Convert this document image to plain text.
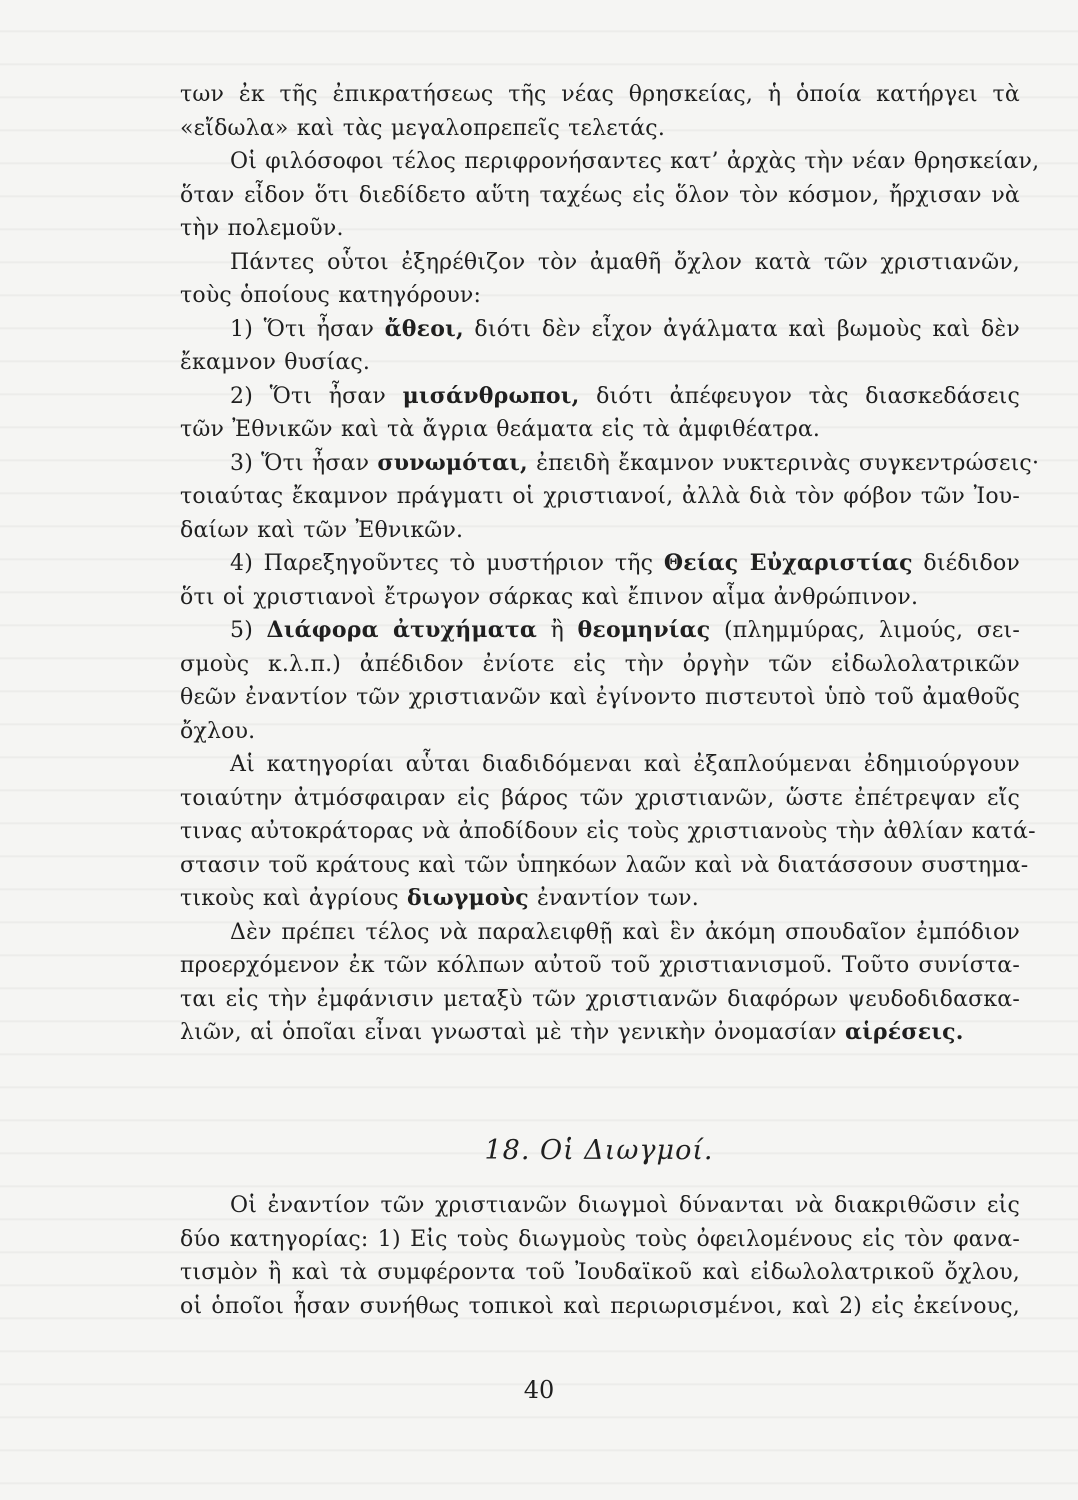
των ἐκ τῆς ἐπικρατήσεως τῆς νέας θρησκείας, ἡ ὁποία κατήργει τὰ
«εἴδωλα» καὶ τὰς μεγαλοπρεπεῖς τελετάς.
Οἱ φιλόσοφοι τέλος περιφρονήσαντες κατ’ ἀρχὰς τὴν νέαν θρησκείαν,
ὅταν εἶδον ὅτι διεδίδετο αὕτη ταχέως εἰς ὅλον τὸν κόσμον, ἤρχισαν νὰ
τὴν πολεμοῦν.
Πάντες οὗτοι ἐξηρέθιζον τὸν ἀμαθῆ ὄχλον κατὰ τῶν χριστιανῶν,
τοὺς ὁποίους κατηγόρουν:
1) Ὅτι ἦσαν ἄθεοι, διότι δὲν εἶχον ἀγάλματα καὶ βωμοὺς καὶ δὲν
ἔκαμνον θυσίας.
2) Ὅτι ἦσαν μισάνθρωποι, διότι ἀπέφευγον τὰς διασκεδάσεις
τῶν Ἐθνικῶν καὶ τὰ ἄγρια θεάματα εἰς τὰ ἀμφιθέατρα.
3) Ὅτι ἦσαν συνωμόται, ἐπειδὴ ἔκαμνον νυκτερινὰς συγκεντρώσεις·
τοιαύτας ἔκαμνον πράγματι οἱ χριστιανοί, ἀλλὰ διὰ τὸν φόβον τῶν Ἰου-
δαίων καὶ τῶν Ἐθνικῶν.
4) Παρεξηγοῦντες τὸ μυστήριον τῆς Θείας Εὐχαριστίας διέδιδον
ὅτι οἱ χριστιανοὶ ἔτρωγον σάρκας καὶ ἔπινον αἷμα ἀνθρώπινον.
5) Διάφορα ἀτυχήματα ἢ θεομηνίας (πλημμύρας, λιμούς, σει-
σμοὺς κ.λ.π.) ἀπέδιδον ἐνίοτε εἰς τὴν ὀργὴν τῶν εἰδωλολατρικῶν
θεῶν ἐναντίον τῶν χριστιανῶν καὶ ἐγίνοντο πιστευτοὶ ὑπὸ τοῦ ἀμαθοῦς
ὄχλου.
Αἱ κατηγορίαι αὗται διαδιδόμεναι καὶ ἐξαπλούμεναι ἐδημιούργουν
τοιαύτην ἀτμόσφαιραν εἰς βάρος τῶν χριστιανῶν, ὥστε ἐπέτρεψαν εἴς
τινας αὐτοκράτορας νὰ ἀποδίδουν εἰς τοὺς χριστιανοὺς τὴν ἀθλίαν κατά-
στασιν τοῦ κράτους καὶ τῶν ὑπηκόων λαῶν καὶ νὰ διατάσσουν συστημα-
τικοὺς καὶ ἀγρίους διωγμοὺς ἐναντίον των.
Δὲν πρέπει τέλος νὰ παραλειφθῇ καὶ ἓν ἀκόμη σπουδαῖον ἐμπόδιον
προερχόμενον ἐκ τῶν κόλπων αὐτοῦ τοῦ χριστιανισμοῦ. Τοῦτο συνίστα-
ται εἰς τὴν ἐμφάνισιν μεταξὺ τῶν χριστιανῶν διαφόρων ψευδοδιδασκα-
λιῶν, αἱ ὁποῖαι εἶναι γνωσταὶ μὲ τὴν γενικὴν ὀνομασίαν αἱρέσεις.
18. Οἱ Διωγμοί.
Οἱ ἐναντίον τῶν χριστιανῶν διωγμοὶ δύνανται νὰ διακριθῶσιν εἰς
δύο κατηγορίας: 1) Εἰς τοὺς διωγμοὺς τοὺς ὀφειλομένους εἰς τὸν φανα-
τισμὸν ἢ καὶ τὰ συμφέροντα τοῦ Ἰουδαϊκοῦ καὶ εἰδωλολατρικοῦ ὄχλου,
οἱ ὁποῖοι ἦσαν συνήθως τοπικοὶ καὶ περιωρισμένοι, καὶ 2) εἰς ἐκείνους,
40
